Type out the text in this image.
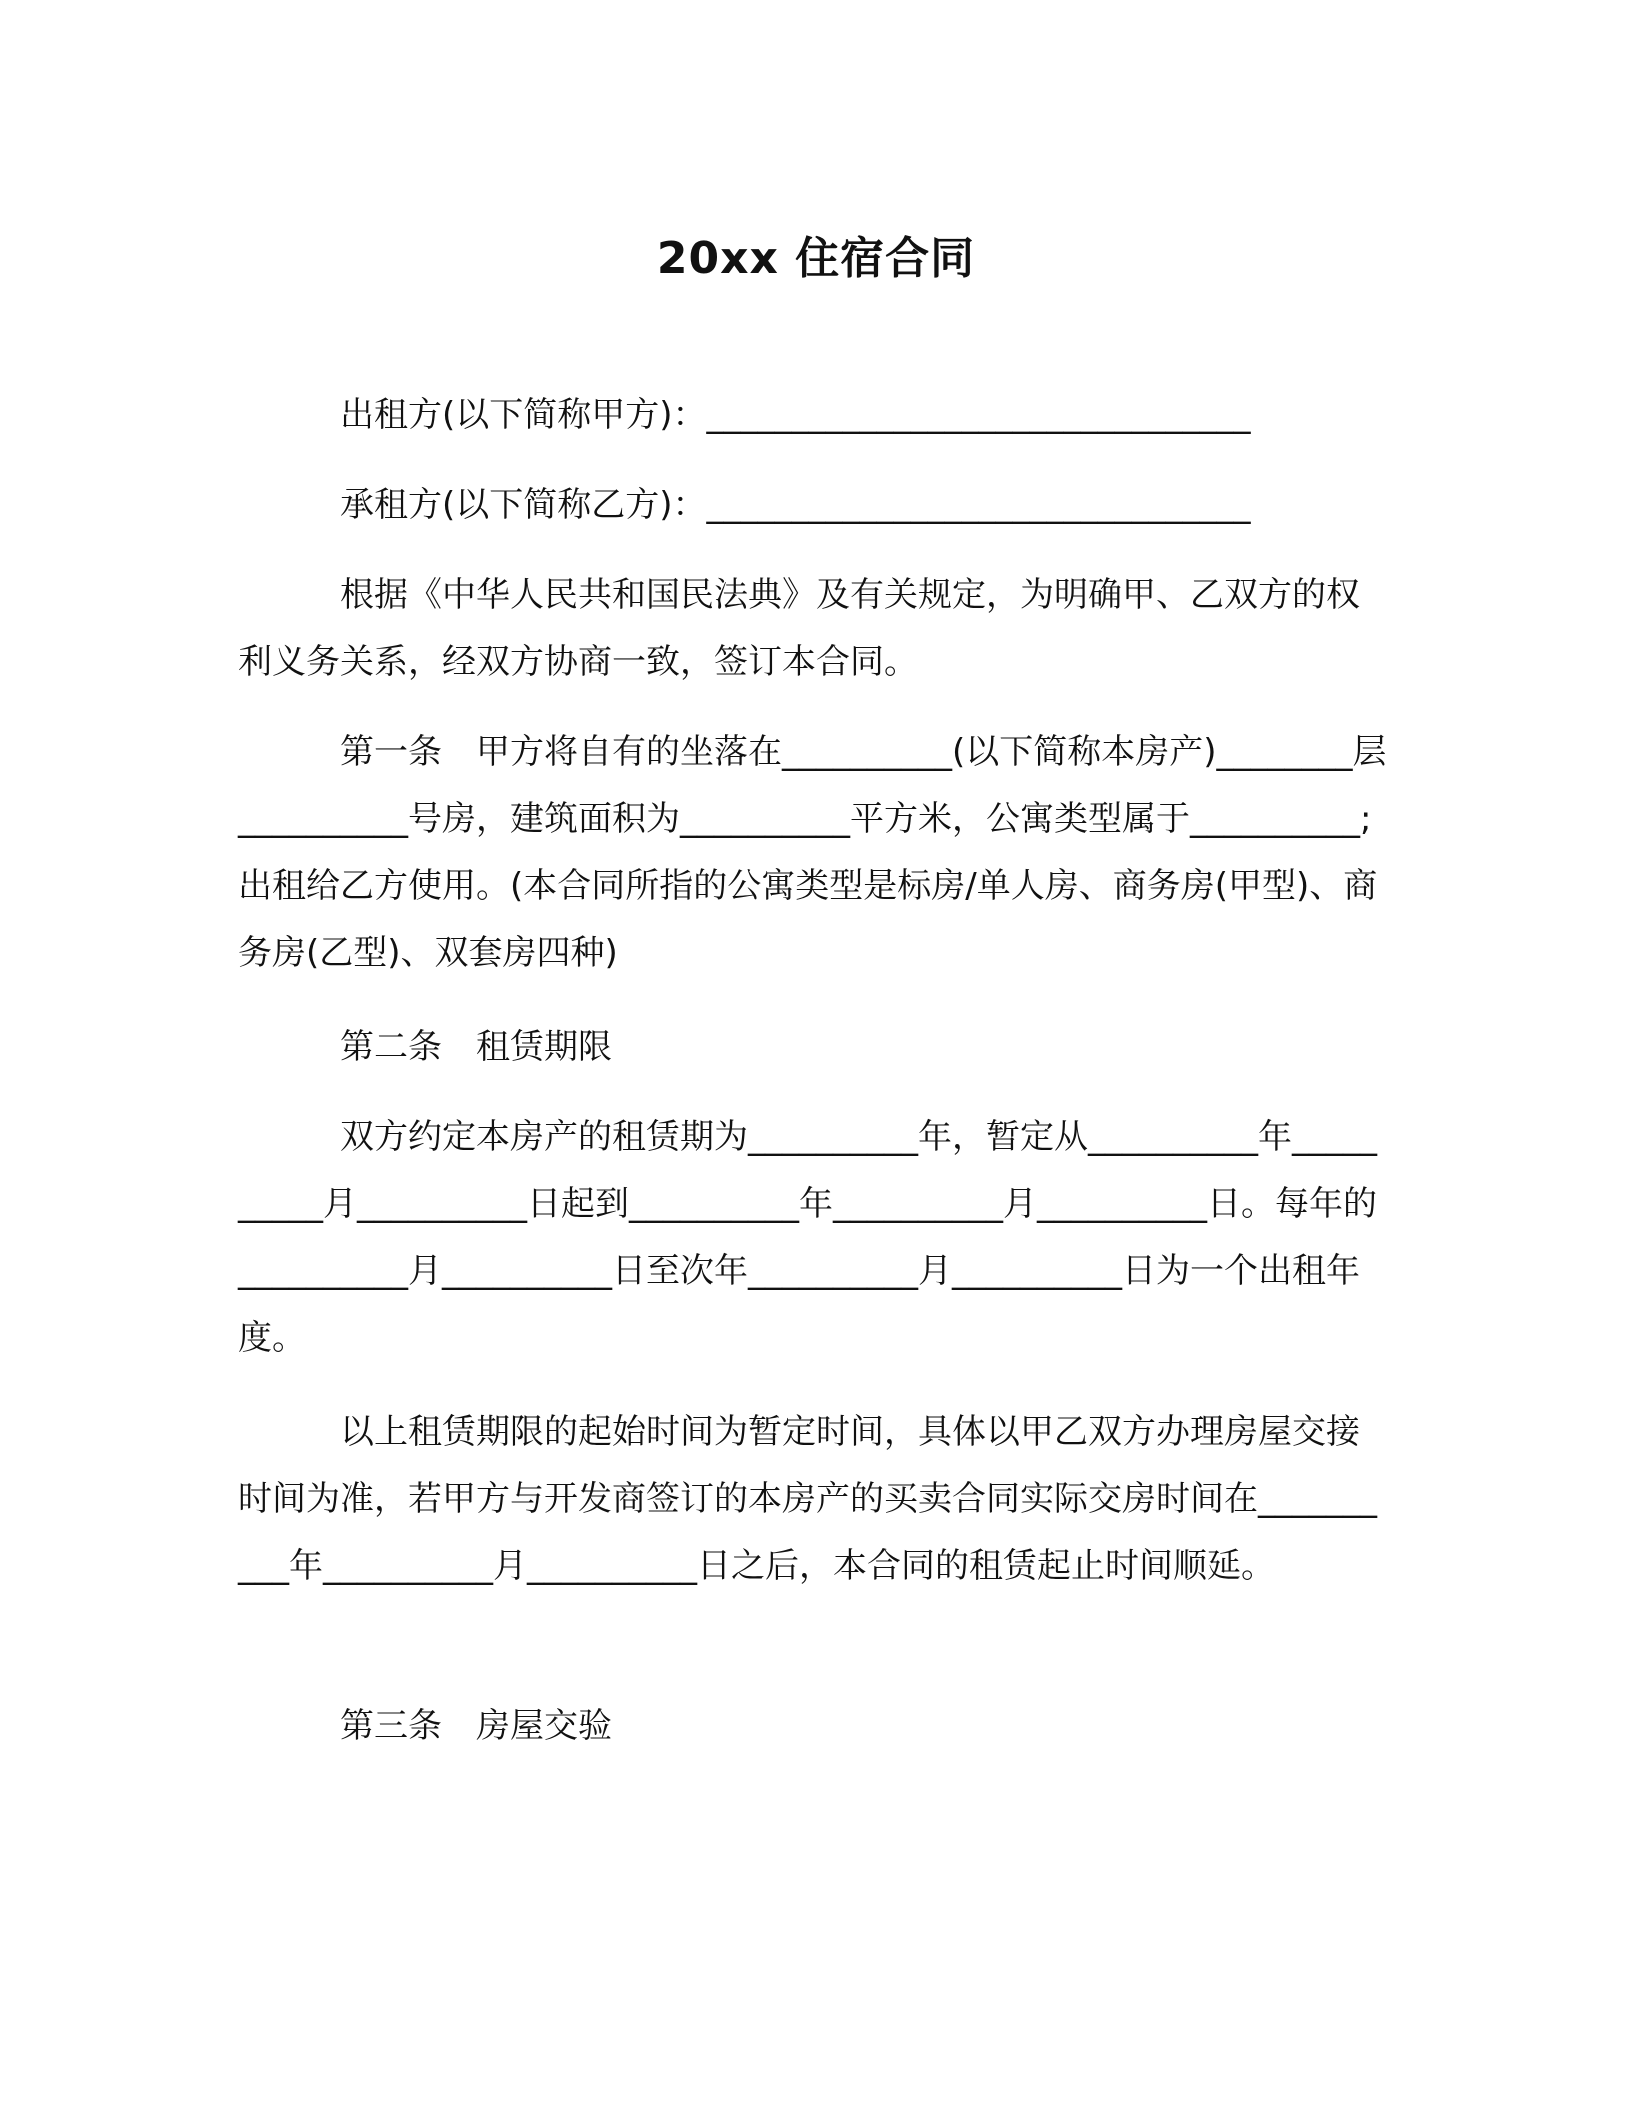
20xx 住宿合同

　　　出租方(以下简称甲方)：________________________________

　　　承租方(以下简称乙方)：________________________________

　　　根据《中华人民共和国民法典》及有关规定，为明确甲、乙双方的权利义务关系，经双方协商一致，签订本合同。

　　　第一条　甲方将自有的坐落在__________(以下简称本房产)________层__________号房，建筑面积为__________平方米，公寓类型属于__________;出租给乙方使用。(本合同所指的公寓类型是标房/单人房、商务房(甲型)、商务房(乙型)、双套房四种)

　　　第二条　租赁期限

　　　双方约定本房产的租赁期为__________年，暂定从__________年__________月__________日起到__________年__________月__________日。每年的__________月__________日至次年__________月__________日为一个出租年度。

　　　以上租赁期限的起始时间为暂定时间，具体以甲乙双方办理房屋交接时间为准，若甲方与开发商签订的本房产的买卖合同实际交房时间在__________年__________月__________日之后，本合同的租赁起止时间顺延。

　　　第三条　房屋交验
